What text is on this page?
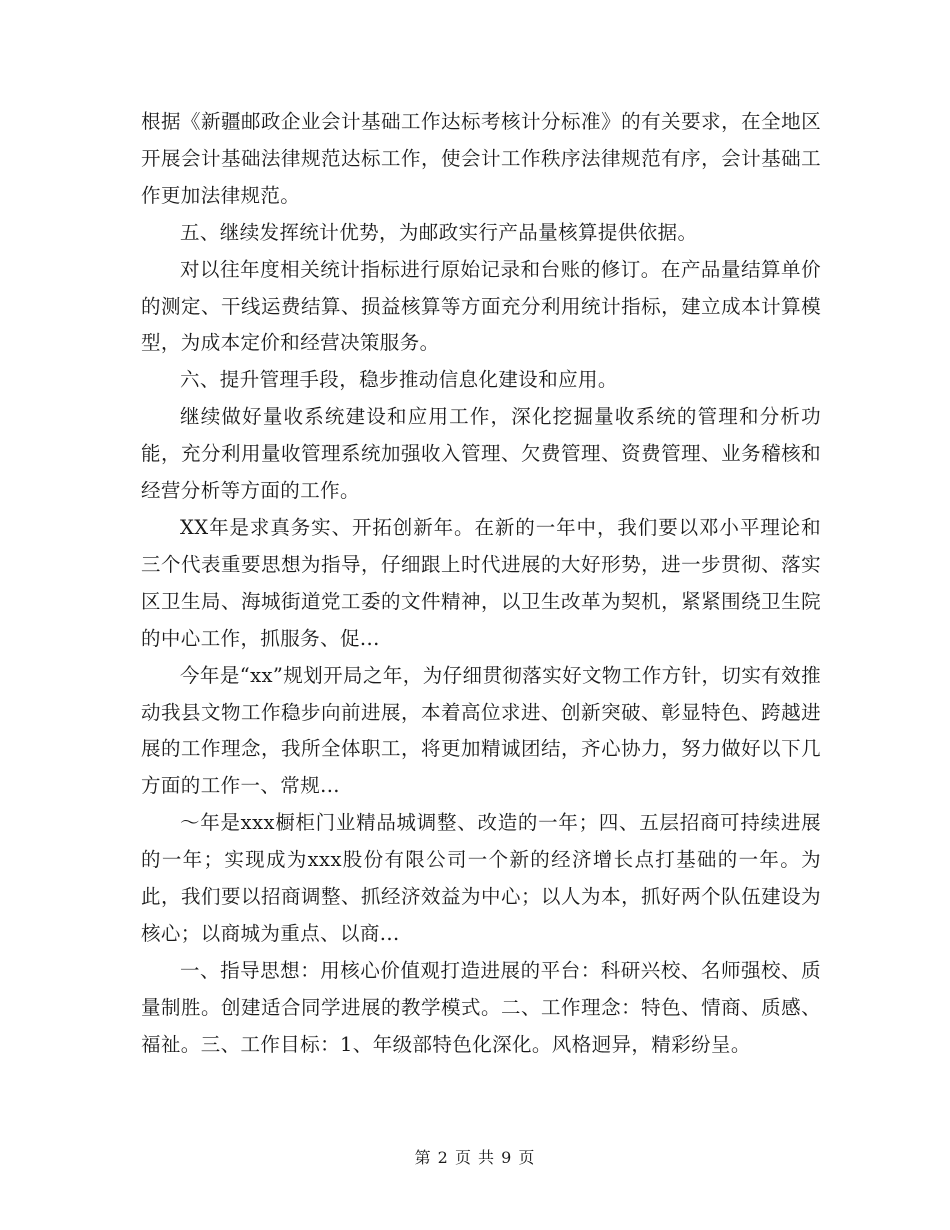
根据《新疆邮政企业会计基础工作达标考核计分标准》的有关要求，在全地区开展会计基础法律规范达标工作，使会计工作秩序法律规范有序，会计基础工作更加法律规范。

五、继续发挥统计优势，为邮政实行产品量核算提供依据。

对以往年度相关统计指标进行原始记录和台账的修订。在产品量结算单价的测定、干线运费结算、损益核算等方面充分利用统计指标，建立成本计算模型，为成本定价和经营决策服务。

六、提升管理手段，稳步推动信息化建设和应用。

继续做好量收系统建设和应用工作，深化挖掘量收系统的管理和分析功能，充分利用量收管理系统加强收入管理、欠费管理、资费管理、业务稽核和经营分析等方面的工作。

XX年是求真务实、开拓创新年。在新的一年中，我们要以邓小平理论和三个代表重要思想为指导，仔细跟上时代进展的大好形势，进一步贯彻、落实区卫生局、海城街道党工委的文件精神，以卫生改革为契机，紧紧围绕卫生院的中心工作，抓服务、促...

今年是“xx”规划开局之年，为仔细贯彻落实好文物工作方针，切实有效推动我县文物工作稳步向前进展，本着高位求进、创新突破、彰显特色、跨越进展的工作理念，我所全体职工，将更加精诚团结，齐心协力，努力做好以下几方面的工作一、常规...

～年是xxx橱柜门业精品城调整、改造的一年；四、五层招商可持续进展的一年；实现成为xxx股份有限公司一个新的经济增长点打基础的一年。为此，我们要以招商调整、抓经济效益为中心；以人为本，抓好两个队伍建设为核心；以商城为重点、以商...

一、指导思想：用核心价值观打造进展的平台：科研兴校、名师强校、质量制胜。创建适合同学进展的教学模式。二、工作理念：特色、情商、质感、福祉。三、工作目标：1、年级部特色化深化。风格迥异，精彩纷呈。

第 2 页 共 9 页
